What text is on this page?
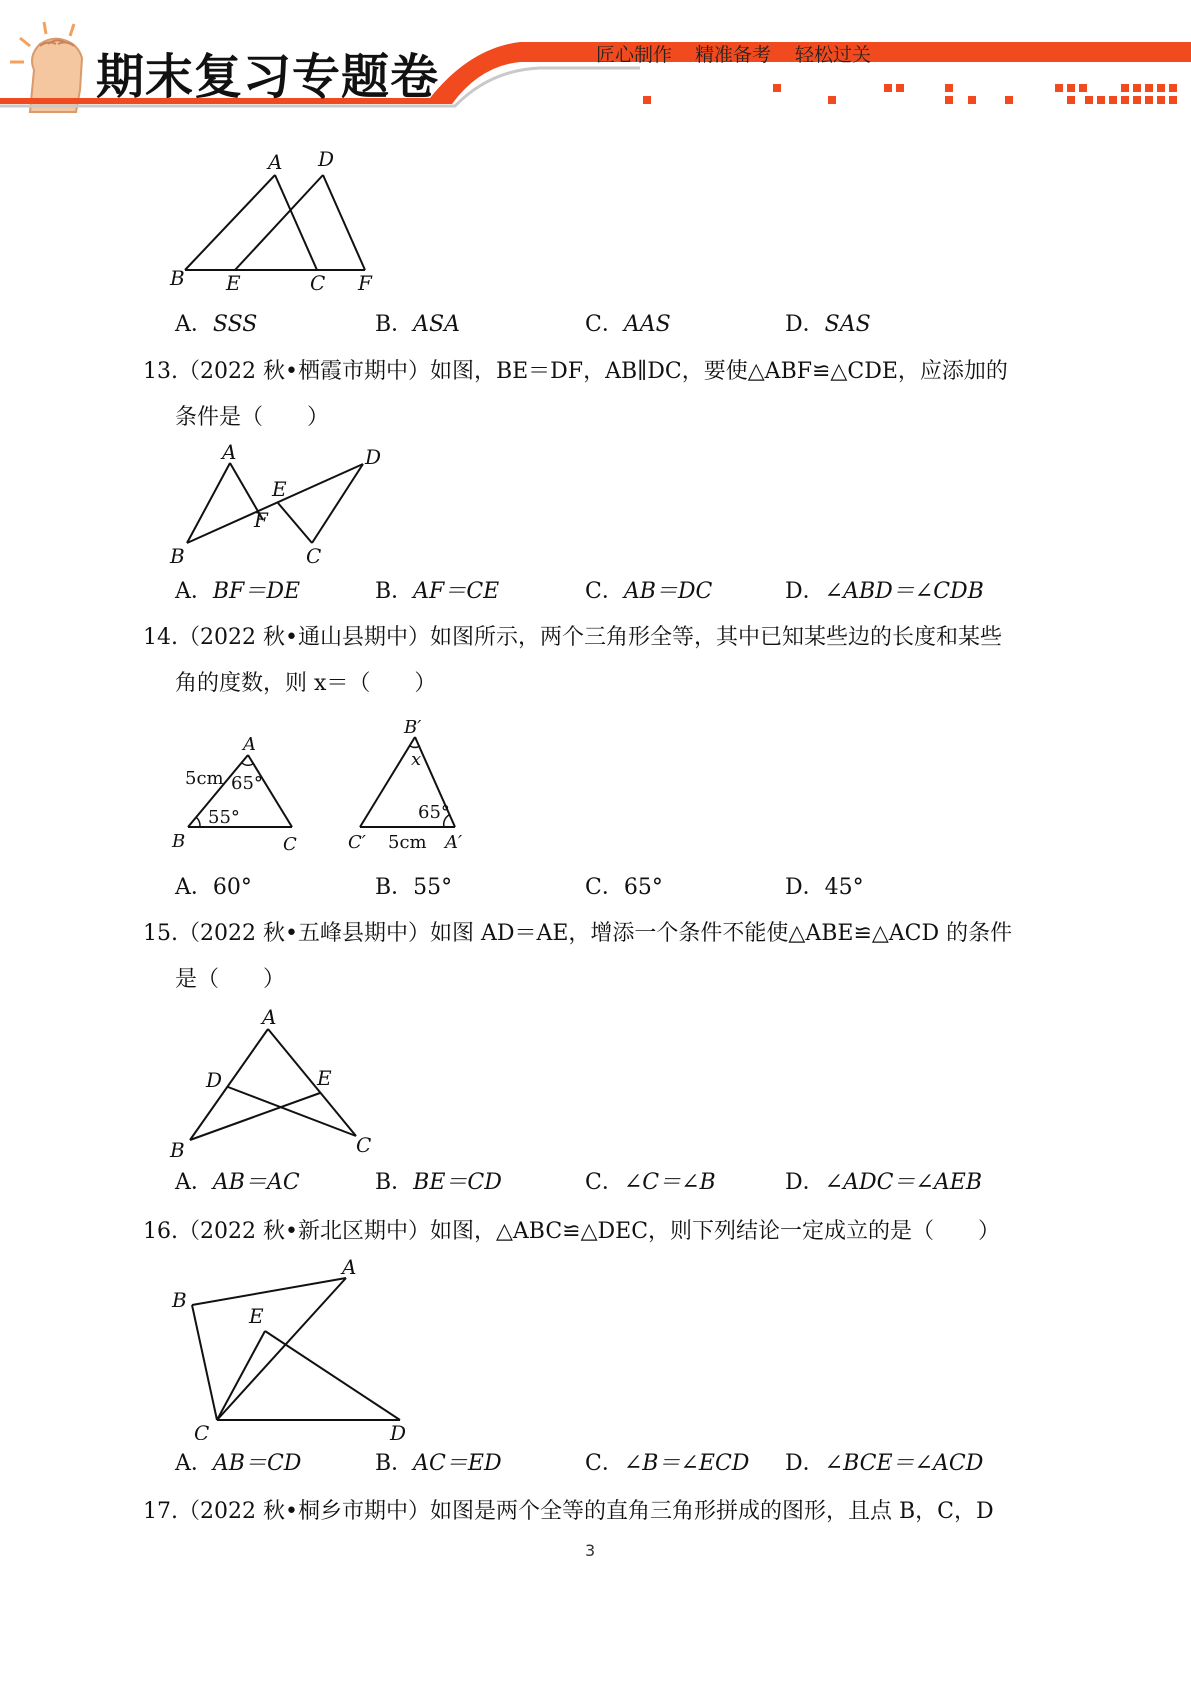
期末复习专题卷	匠心制作 精准备考 轻松过关
A D
B E	C F
A．SSS	B．ASA	C．AAS	D．SAS
13.（2022 秋•栖霞市期中）如图，BE＝DF，AB∥DC，要使△ABF≌△CDE，应添加的
条件是（　　）
A	D
E
F
B	C
A．BF＝DE	B．AF＝CE	C．AB＝DC	D．∠ABD＝∠CDB
14.（2022 秋•通山县期中）如图所示，两个三角形全等，其中已知某些边的长度和某些
角的度数，则 x＝（　　）
A
B	C
5cm 65°
55°
B′
x
65°
C′ 5cm A′
A．60°	B．55°	C．65°	D．45°
15.（2022 秋•五峰县期中）如图 AD＝AE，增添一个条件不能使△ABE≌△ACD 的条件
是（　　）
A
D	E
B	C
A．AB＝AC	B．BE＝CD	C．∠C＝∠B	D．∠ADC＝∠AEB
16.（2022 秋•新北区期中）如图，△ABC≌△DEC，则下列结论一定成立的是（　　）
A
B
E
C	D
A．AB＝CD	B．AC＝ED	C．∠B＝∠ECD D．∠BCE＝∠ACD
17.（2022 秋•桐乡市期中）如图是两个全等的直角三角形拼成的图形，且点 B，C，D
3
